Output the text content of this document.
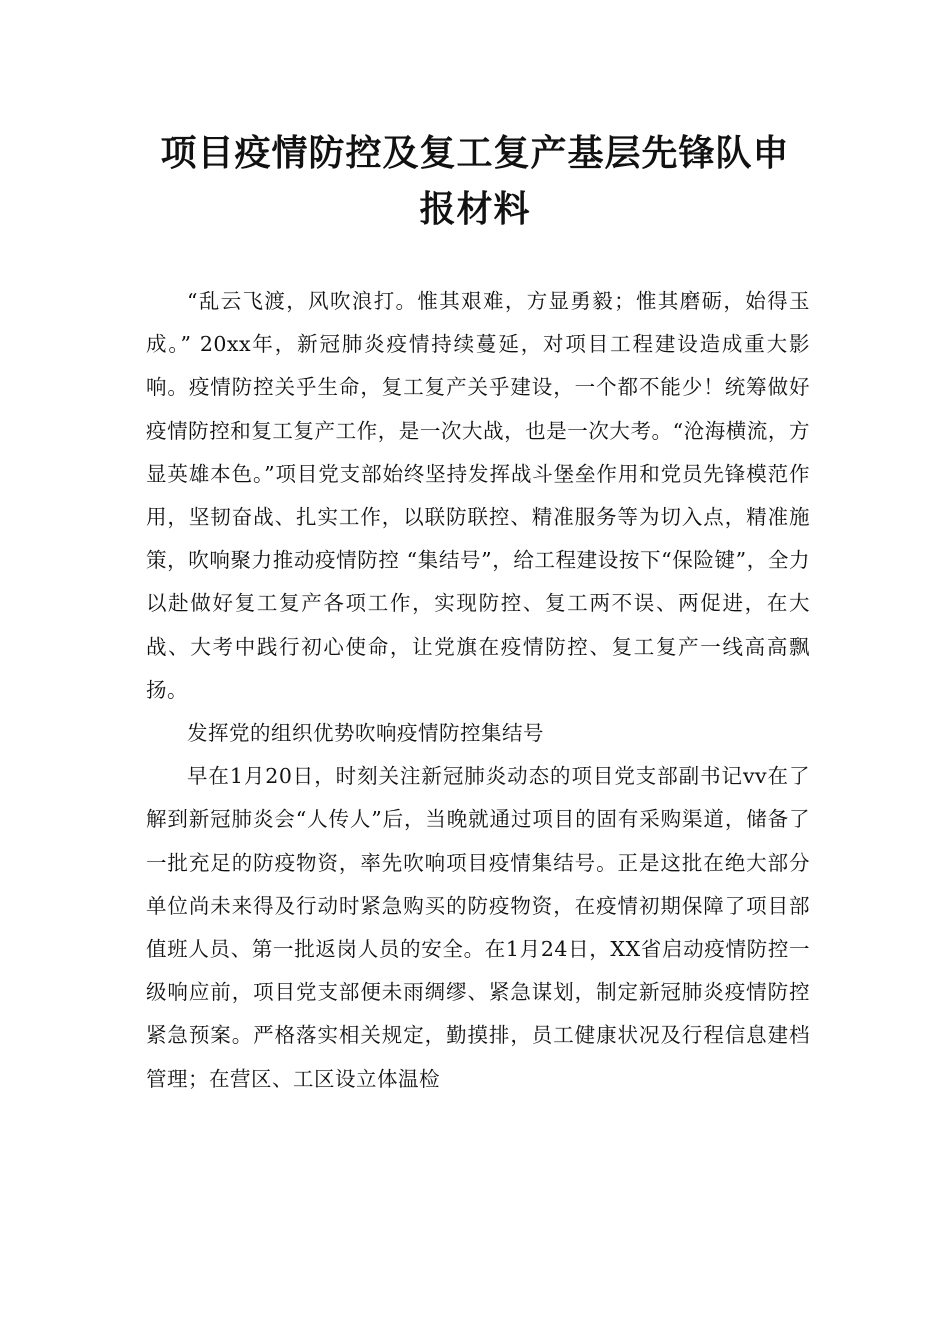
项目疫情防控及复工复产基层先锋队申
报材料

“乱云飞渡，风吹浪打。惟其艰难，方显勇毅；惟其磨砺，始得玉成。” 20xx年，新冠肺炎疫情持续蔓延，对项目工程建设造成重大影响。疫情防控关乎生命，复工复产关乎建设，一个都不能少！统筹做好疫情防控和复工复产工作，是一次大战，也是一次大考。“沧海横流，方显英雄本色。”项目党支部始终坚持发挥战斗堡垒作用和党员先锋模范作用，坚韧奋战、扎实工作，以联防联控、精准服务等为切入点，精准施策，吹响聚力推动疫情防控 “集结号”，给工程建设按下“保险键”，全力以赴做好复工复产各项工作，实现防控、复工两不误、两促进，在大战、大考中践行初心使命，让党旗在疫情防控、复工复产一线高高飘扬。

发挥党的组织优势吹响疫情防控集结号

早在1月20日，时刻关注新冠肺炎动态的项目党支部副书记vv在了解到新冠肺炎会“人传人”后，当晚就通过项目的固有采购渠道，储备了一批充足的防疫物资，率先吹响项目疫情集结号。正是这批在绝大部分单位尚未来得及行动时紧急购买的防疫物资，在疫情初期保障了项目部值班人员、第一批返岗人员的安全。在1月24日，XX省启动疫情防控一级响应前，项目党支部便未雨绸缪、紧急谋划，制定新冠肺炎疫情防控紧急预案。严格落实相关规定，勤摸排，员工健康状况及行程信息建档管理；在营区、工区设立体温检
